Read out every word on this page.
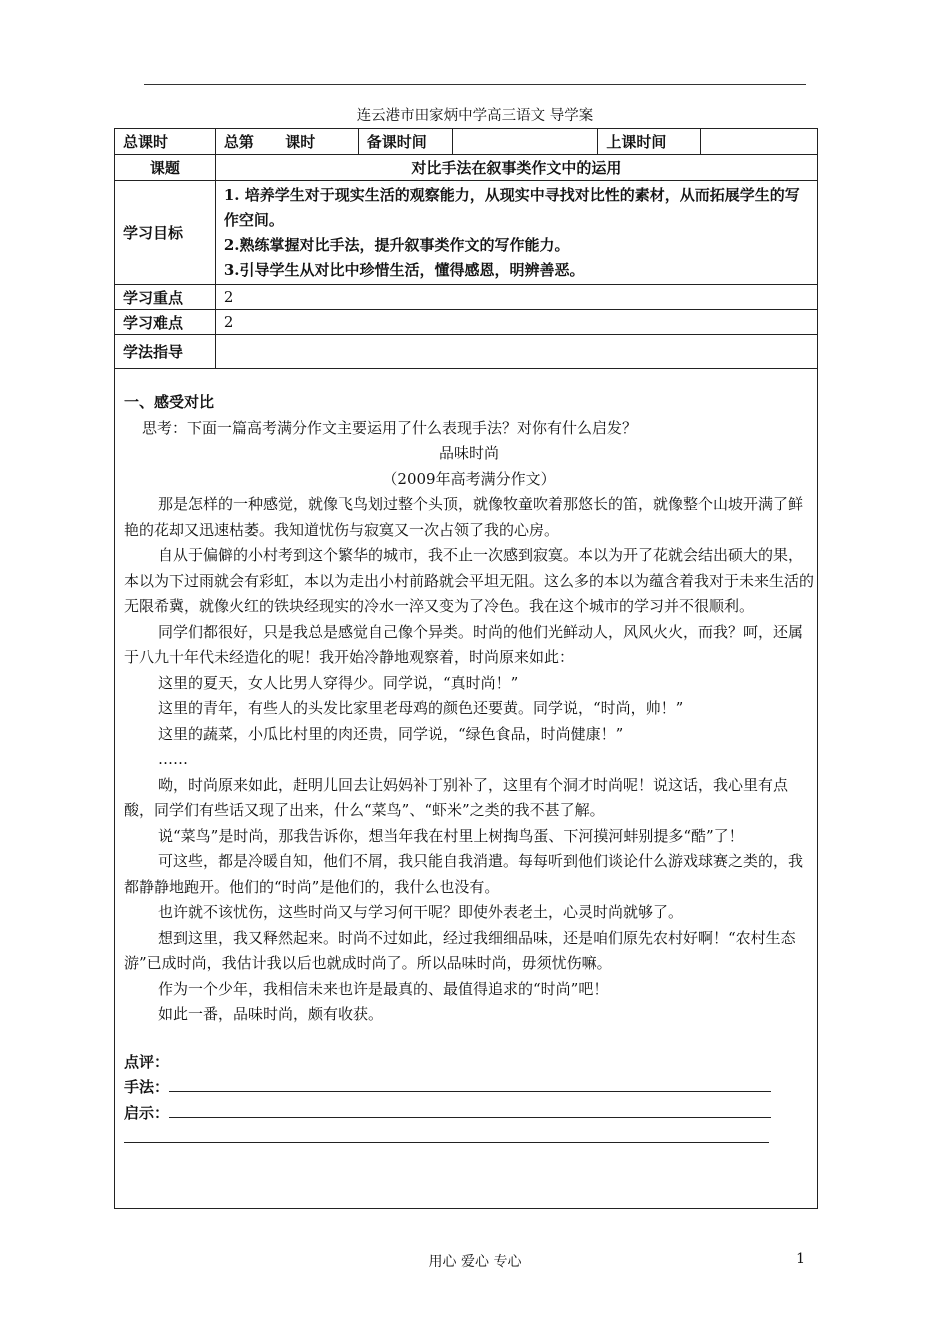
连云港市田家炳中学高三语文 导学案
总课时	总第 课时	备课时间		上课时间	
课题	对比手法在叙事类作文中的运用				
学习目标	1. 培养学生对于现实生活的观察能力，从现实中寻找对比性的素材，从而拓展学生的写作空间。

2.熟练掌握对比手法，提升叙事类作文的写作能力。

3.引导学生从对比中珍惜生活，懂得感恩，明辨善恶。				

学习重点	2				
学习难点	2				
学法指导					

一、感受对比

思考：下面一篇高考满分作文主要运用了什么表现手法？对你有什么启发？

品味时尚

（2009年高考满分作文）

那是怎样的一种感觉，就像飞鸟划过整个头顶，就像牧童吹着那悠长的笛，就像整个山坡开满了鲜艳的花却又迅速枯萎。我知道忧伤与寂寞又一次占领了我的心房。

自从于偏僻的小村考到这个繁华的城市，我不止一次感到寂寞。本以为开了花就会结出硕大的果，本以为下过雨就会有彩虹，本以为走出小村前路就会平坦无阻。这么多的本以为蕴含着我对于未来生活的无限希冀，就像火红的铁块经现实的冷水一淬又变为了冷色。我在这个城市的学习并不很顺利。

同学们都很好，只是我总是感觉自己像个异类。时尚的他们光鲜动人，风风火火，而我？呵，还属于八九十年代未经造化的呢！我开始冷静地观察着，时尚原来如此：

这里的夏天，女人比男人穿得少。同学说，“真时尚！”

这里的青年，有些人的头发比家里老母鸡的颜色还要黄。同学说，“时尚，帅！”

这里的蔬菜，小瓜比村里的肉还贵，同学说，“绿色食品，时尚健康！”

……

呦，时尚原来如此，赶明儿回去让妈妈补丁别补了，这里有个洞才时尚呢！说这话，我心里有点酸，同学们有些话又现了出来，什么“菜鸟”、“虾米”之类的我不甚了解。

说“菜鸟”是时尚，那我告诉你，想当年我在村里上树掏鸟蛋、下河摸河蚌别提多“酷”了！

可这些，都是冷暖自知，他们不屑，我只能自我消遣。每每听到他们谈论什么游戏球赛之类的，我都静静地跑开。他们的“时尚”是他们的，我什么也没有。

也许就不该忧伤，这些时尚又与学习何干呢？即使外表老土，心灵时尚就够了。

想到这里，我又释然起来。时尚不过如此，经过我细细品味，还是咱们原先农村好啊！“农村生态游”已成时尚，我估计我以后也就成时尚了。所以品味时尚，毋须忧伤嘛。

作为一个少年，我相信未来也许是最真的、最值得追求的“时尚”吧！

如此一番，品味时尚，颇有收获。

点评：

手法：

启示：

用心 爱心 专心	1
